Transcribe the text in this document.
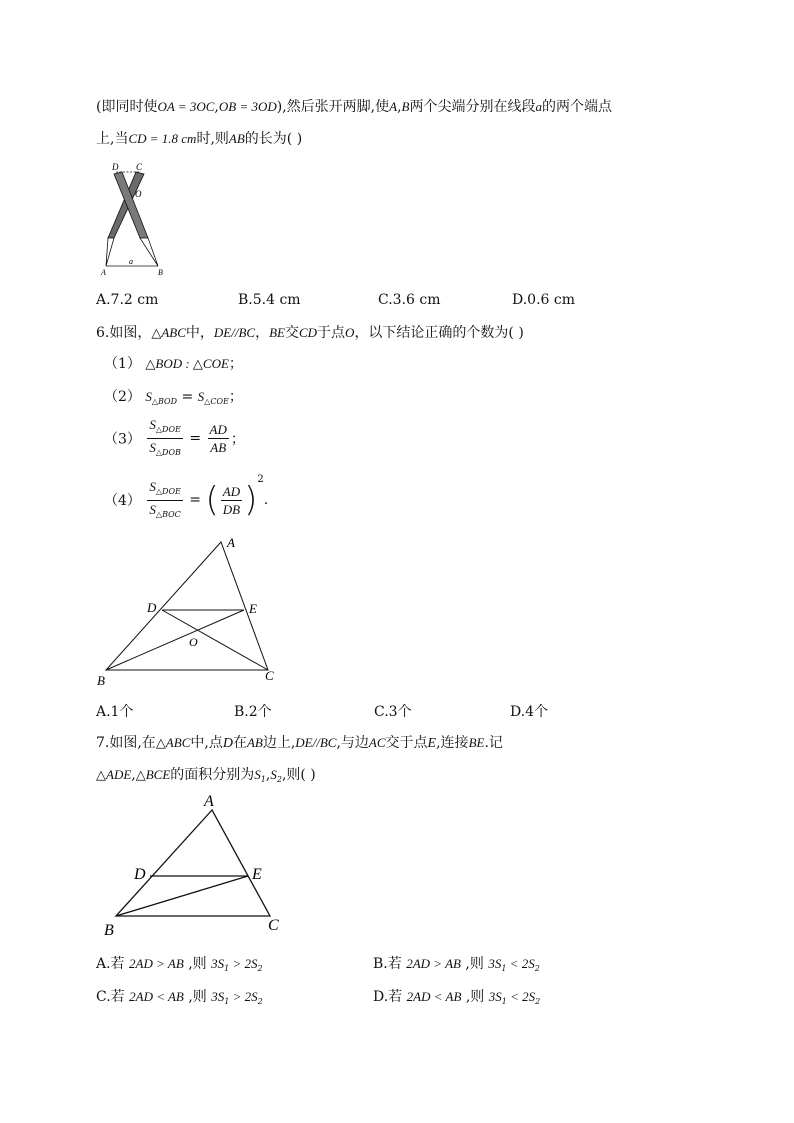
(即同时使OA = 3OC,OB = 3OD),然后张开两脚,使A,B两个尖端分别在线段a的两个端点
上,当CD = 1.8 cm时,则AB的长为( )
D C
O
a
A	B
A.7.2 cm	B.5.4 cm	C.3.6 cm	D.0.6 cm
6.如图，△ABC中，DE//BC，BE交CD于点O，以下结论正确的个数为( )
（1） △BOD : △COE；
（2） $S_{\triangle BOD} = S_{\triangle COE}$；
$(3) \frac{S_{\triangle DOE}}{S_{\triangle DOB}} = \frac{AD}{AB}$ ；
$(4) \frac{S_{\triangle DOE}}{S_{\triangle BOC}}$ = ( $\frac{AD}{DB} )^2$.
A
D	E
O
B	C
A.1个	B.2个	C.3个	D.4个
7.如图,在△ABC中,点D在AB边上,DE//BC,与边AC交于点E,连接BE.记
△ADE,△BCE的面积分别为$S_1,S_2$,则( )
A
D	E
B	C
A.若 2AD > AB ,则 $3S_1 > 2S_2$	B.若 2AD > AB ,则 $3S_1 < 2S_2$
C.若 2AD < AB ,则 $3S_1 > 2S_2$	D.若 2AD < AB ,则 $3S_1 < 2S_2$
